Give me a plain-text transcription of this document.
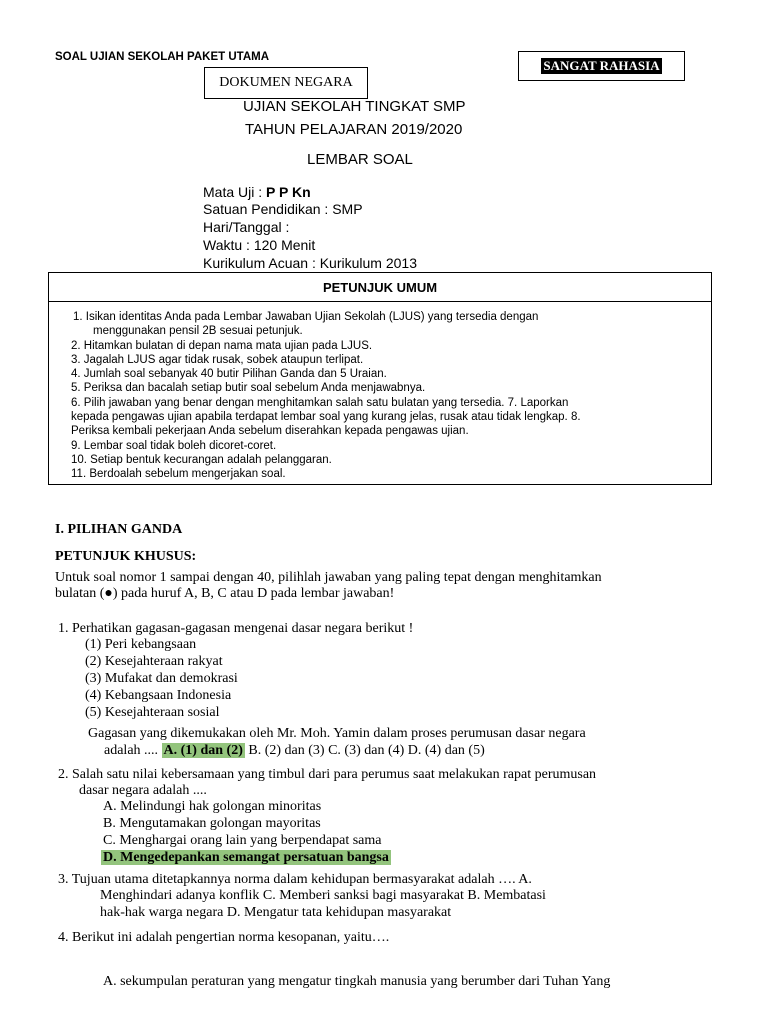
SOAL UJIAN SEKOLAH PAKET UTAMA
SANGAT RAHASIA
DOKUMEN NEGARA
UJIAN SEKOLAH TINGKAT SMP
TAHUN PELAJARAN 2019/2020
LEMBAR SOAL
Mata Uji : P P Kn
Satuan Pendidikan : SMP
Hari/Tanggal :
Waktu : 120 Menit
Kurikulum Acuan : Kurikulum 2013
PETUNJUK UMUM
1. Isikan identitas Anda pada Lembar Jawaban Ujian Sekolah (LJUS) yang tersedia dengan
menggunakan pensil 2B sesuai petunjuk.
2. Hitamkan bulatan di depan nama mata ujian pada LJUS.
3. Jagalah LJUS agar tidak rusak, sobek ataupun terlipat.
4. Jumlah soal sebanyak 40 butir Pilihan Ganda dan 5 Uraian.
5. Periksa dan bacalah setiap butir soal sebelum Anda menjawabnya.
6. Pilih jawaban yang benar dengan menghitamkan salah satu bulatan yang tersedia. 7. Laporkan
kepada pengawas ujian apabila terdapat lembar soal yang kurang jelas, rusak atau tidak lengkap. 8.
Periksa kembali pekerjaan Anda sebelum diserahkan kepada pengawas ujian.
9. Lembar soal tidak boleh dicoret-coret.
10. Setiap bentuk kecurangan adalah pelanggaran.
11. Berdoalah sebelum mengerjakan soal.
I. PILIHAN GANDA
PETUNJUK KHUSUS:
Untuk soal nomor 1 sampai dengan 40, pilihlah jawaban yang paling tepat dengan menghitamkan
bulatan (●) pada huruf A, B, C atau D pada lembar jawaban!
1. Perhatikan gagasan-gagasan mengenai dasar negara berikut !
(1) Peri kebangsaan
(2) Kesejahteraan rakyat
(3) Mufakat dan demokrasi
(4) Kebangsaan Indonesia
(5) Kesejahteraan sosial
Gagasan yang dikemukakan oleh Mr. Moh. Yamin dalam proses perumusan dasar negara
adalah .... A. (1) dan (2) B. (2) dan (3) C. (3) dan (4) D. (4) dan (5)
2. Salah satu nilai kebersamaan yang timbul dari para perumus saat melakukan rapat perumusan
dasar negara adalah ....
A. Melindungi hak golongan minoritas
B. Mengutamakan golongan mayoritas
C. Menghargai orang lain yang berpendapat sama
D. Mengedepankan semangat persatuan bangsa
3. Tujuan utama ditetapkannya norma dalam kehidupan bermasyarakat adalah …. A.
Menghindari adanya konflik C. Memberi sanksi bagi masyarakat B. Membatasi
hak-hak warga negara D. Mengatur tata kehidupan masyarakat
4. Berikut ini adalah pengertian norma kesopanan, yaitu….
A. sekumpulan peraturan yang mengatur tingkah manusia yang berumber dari Tuhan Yang
